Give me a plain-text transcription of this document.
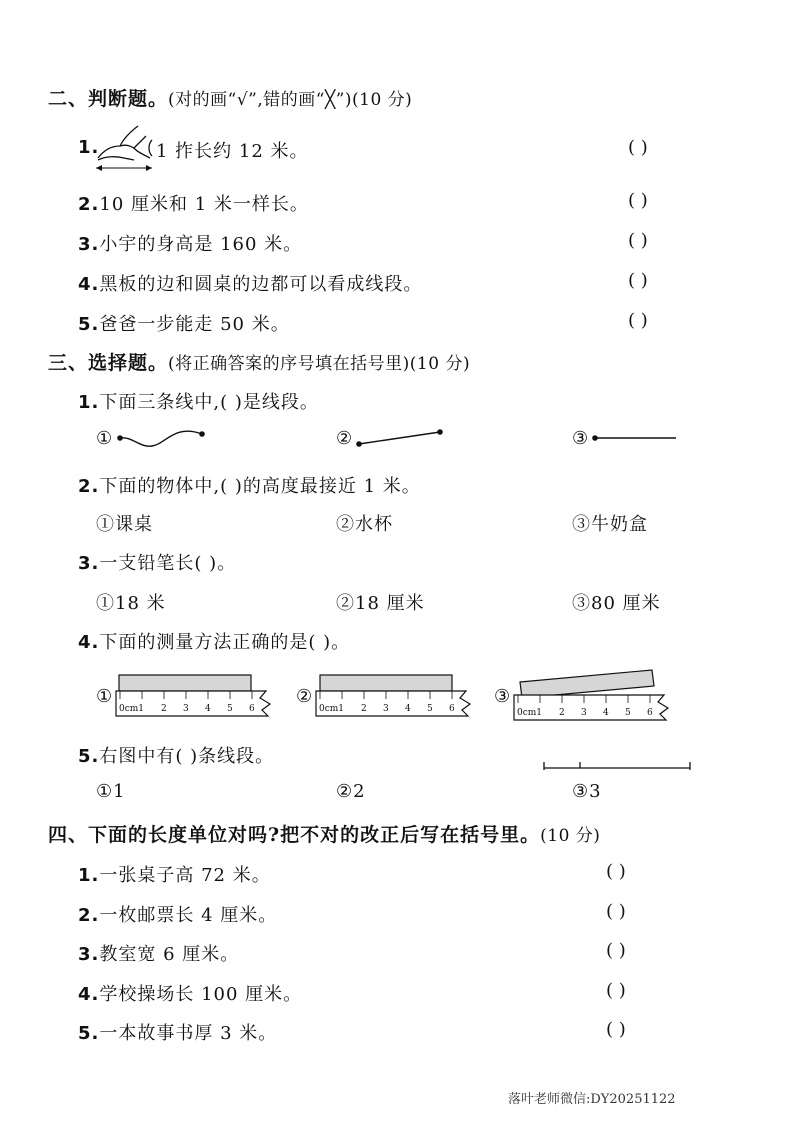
二、判断题。(对的画“√”,错的画“╳”)(10 分)
1.	1 拃长约 12 米。	( )
2.10 厘米和 1 米一样长。	( )
3.小宇的身高是 160 米。	( )
4.黑板的边和圆桌的边都可以看成线段。	( )
5.爸爸一步能走 50 米。	( )
三、选择题。(将正确答案的序号填在括号里)(10 分)
1.下面三条线中,( )是线段。
①	②	③
2.下面的物体中,( )的高度最接近 1 米。
①课桌	②水杯	③牛奶盒
3.一支铅笔长( )。
①18 米	②18 厘米	③80 厘米
4.下面的测量方法正确的是( )。
①
0cm1 2 3 4 5 6
②
0cm1 2 3 4 5 6
③
0cm1 2 3 4 5 6
5.右图中有( )条线段。
①1	②2	③3
四、下面的长度单位对吗?把不对的改正后写在括号里。(10 分)
1.一张桌子高 72 米。	( )
2.一枚邮票长 4 厘米。	( )
3.教室宽 6 厘米。	( )
4.学校操场长 100 厘米。	( )
5.一本故事书厚 3 米。	( )
落叶老师微信:DY20251122
